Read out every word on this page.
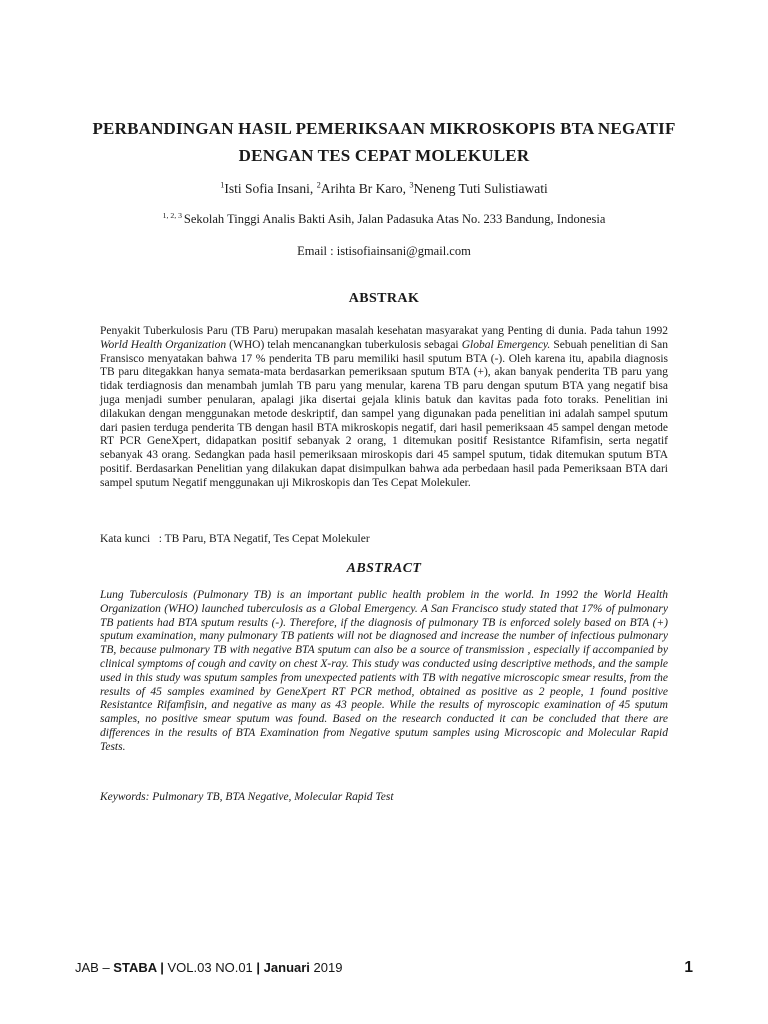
PERBANDINGAN HASIL PEMERIKSAAN MIKROSKOPIS BTA NEGATIF
DENGAN TES CEPAT MOLEKULER
$^1$Isti Sofia Insani, $^2$Arihta Br Karo, $^3$Neneng Tuti Sulistiawati
$^{1, 2, 3}$ Sekolah Tinggi Analis Bakti Asih, Jalan Padasuka Atas No. 233 Bandung, Indonesia
Email : istisofiainsani@gmail.com
ABSTRAK
Penyakit Tuberkulosis Paru (TB Paru) merupakan masalah kesehatan masyarakat yang Penting di dunia. Pada tahun 1992 World Health Organization (WHO) telah mencanangkan tuberkulosis sebagai Global Emergency. Sebuah penelitian di San Fransisco menyatakan bahwa 17 % penderita TB paru memiliki hasil sputum BTA (-). Oleh karena itu, apabila diagnosis TB paru ditegakkan hanya semata-mata berdasarkan pemeriksaan sputum BTA (+), akan banyak penderita TB paru yang tidak terdiagnosis dan menambah jumlah TB paru yang menular, karena TB paru dengan sputum BTA yang negatif bisa juga menjadi sumber penularan, apalagi jika disertai gejala klinis batuk dan kavitas pada foto toraks. Penelitian ini dilakukan dengan menggunakan metode deskriptif, dan sampel yang digunakan pada penelitian ini adalah sampel sputum dari pasien terduga penderita TB dengan hasil BTA mikroskopis negatif, dari hasil pemeriksaan 45 sampel dengan metode RT PCR GeneXpert, didapatkan positif sebanyak 2 orang, 1 ditemukan positif Resistantce Rifamfisin, serta negatif sebanyak 43 orang. Sedangkan pada hasil pemeriksaan miroskopis dari 45 sampel sputum, tidak ditemukan sputum BTA positif. Berdasarkan Penelitian yang dilakukan dapat disimpulkan bahwa ada perbedaan hasil pada Pemeriksaan BTA dari sampel sputum Negatif menggunakan uji Mikroskopis dan Tes Cepat Molekuler.
Kata kunci   : TB Paru, BTA Negatif, Tes Cepat Molekuler
ABSTRACT
Lung Tuberculosis (Pulmonary TB) is an important public health problem in the world. In 1992 the World Health Organization (WHO) launched tuberculosis as a Global Emergency. A San Francisco study stated that 17% of pulmonary TB patients had BTA sputum results (-). Therefore, if the diagnosis of pulmonary TB is enforced solely based on BTA (+) sputum examination, many pulmonary TB patients will not be diagnosed and increase the number of infectious pulmonary TB, because pulmonary TB with negative BTA sputum can also be a source of transmission , especially if accompanied by clinical symptoms of cough and cavity on chest X-ray. This study was conducted using descriptive methods, and the sample used in this study was sputum samples from unexpected patients with TB with negative microscopic smear results, from the results of 45 samples examined by GeneXpert RT PCR method, obtained as positive as 2 people, 1 found positive Resistantce Rifamfisin, and negative as many as 43 people. While the results of myroscopic examination of 45 sputum samples, no positive smear sputum was found. Based on the research conducted it can be concluded that there are differences in the results of BTA Examination from Negative sputum samples using Microscopic and Molecular Rapid Tests.
Keywords: Pulmonary TB, BTA Negative, Molecular Rapid Test
JAB – STABA | VOL.03 NO.01 | Januari 2019	1
